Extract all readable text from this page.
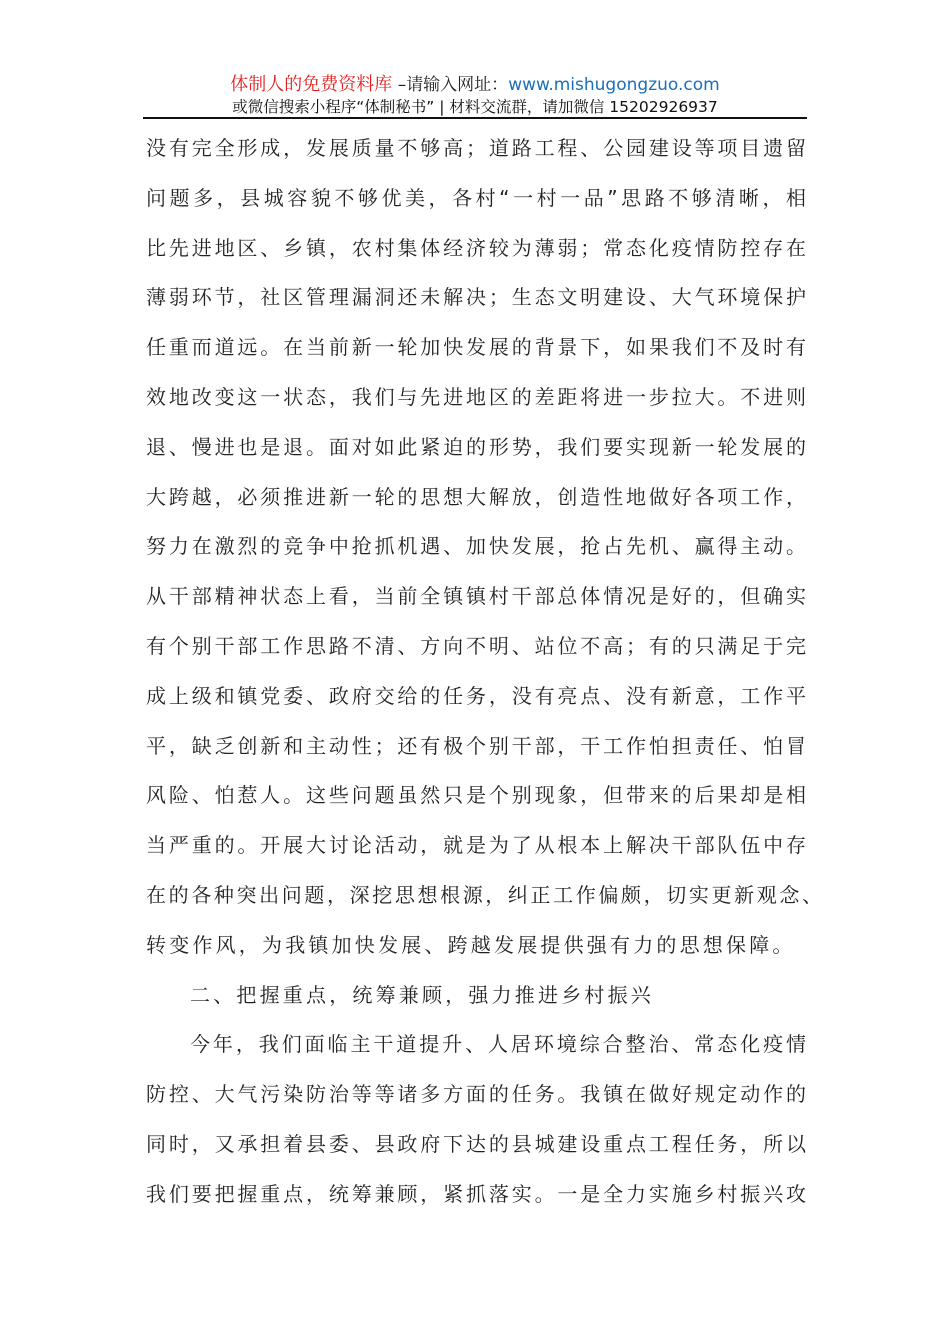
体制人的免费资料库 –请输入网址：www.mishugongzuo.com
或微信搜索小程序“体制秘书” | 材料交流群，请加微信 15202926937
没有完全形成，发展质量不够高；道路工程、公园建设等项目遗留
问题多，县城容貌不够优美，各村“一村一品”思路不够清晰，相
比先进地区、乡镇，农村集体经济较为薄弱；常态化疫情防控存在
薄弱环节，社区管理漏洞还未解决；生态文明建设、大气环境保护
任重而道远。在当前新一轮加快发展的背景下，如果我们不及时有
效地改变这一状态，我们与先进地区的差距将进一步拉大。不进则
退、慢进也是退。面对如此紧迫的形势，我们要实现新一轮发展的
大跨越，必须推进新一轮的思想大解放，创造性地做好各项工作，
努力在激烈的竞争中抢抓机遇、加快发展，抢占先机、赢得主动。
从干部精神状态上看，当前全镇镇村干部总体情况是好的，但确实
有个别干部工作思路不清、方向不明、站位不高；有的只满足于完
成上级和镇党委、政府交给的任务，没有亮点、没有新意，工作平
平，缺乏创新和主动性；还有极个别干部，干工作怕担责任、怕冒
风险、怕惹人。这些问题虽然只是个别现象，但带来的后果却是相
当严重的。开展大讨论活动，就是为了从根本上解决干部队伍中存
在的各种突出问题，深挖思想根源，纠正工作偏颇，切实更新观念、
转变作风，为我镇加快发展、跨越发展提供强有力的思想保障。
二、把握重点，统筹兼顾，强力推进乡村振兴
今年，我们面临主干道提升、人居环境综合整治、常态化疫情
防控、大气污染防治等等诸多方面的任务。我镇在做好规定动作的
同时，又承担着县委、县政府下达的县城建设重点工程任务，所以
我们要把握重点，统筹兼顾，紧抓落实。一是全力实施乡村振兴攻
